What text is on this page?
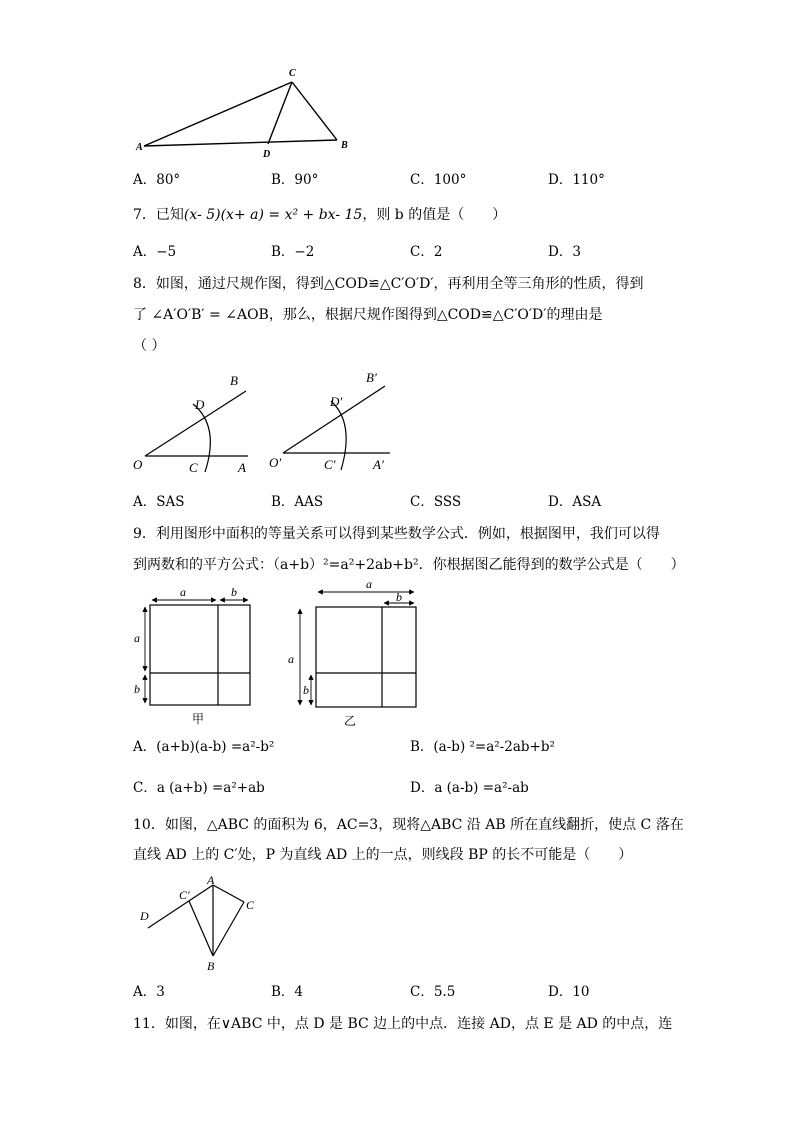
A	B
C
D
A．80°	B．90°	C．100°	D．110°
7．已知(x- 5)(x+ a) = x² + bx- 15，则 b 的值是（　　）
A．−5	B．−2	C．2	D．3
8．如图，通过尺规作图，得到△COD≌△C′O′D′，再利用全等三角形的性质，得到
了 ∠A′O′B′ = ∠AOB，那么，根据尺规作图得到△COD≌△C′O′D′的理由是
（ ）
O	A
B
C
D
O′	A′
B′
C′
D′
A．SAS	B．AAS	C．SSS	D．ASA
9．利用图形中面积的等量关系可以得到某些数学公式．例如，根据图甲，我们可以得
到两数和的平方公式：（a+b）²=a²+2ab+b²．你根据图乙能得到的数学公式是（　　）
a	b
a
b
甲
a
b
a
b
乙
A．(a+b)(a-b) =a²-b²	B．(a-b) ²=a²-2ab+b²
C．a (a+b) =a²+ab	D．a (a-b) =a²-ab
10．如图，△ABC 的面积为 6，AC=3，现将△ABC 沿 AB 所在直线翻折，使点 C 落在
直线 AD 上的 C′处，P 为直线 AD 上的一点，则线段 BP 的长不可能是（　　）
A
B
C
C′
D
A．3	B．4	C．5.5	D．10
11．如图，在∨ABC 中，点 D 是 BC 边上的中点．连接 AD，点 E 是 AD 的中点，连
